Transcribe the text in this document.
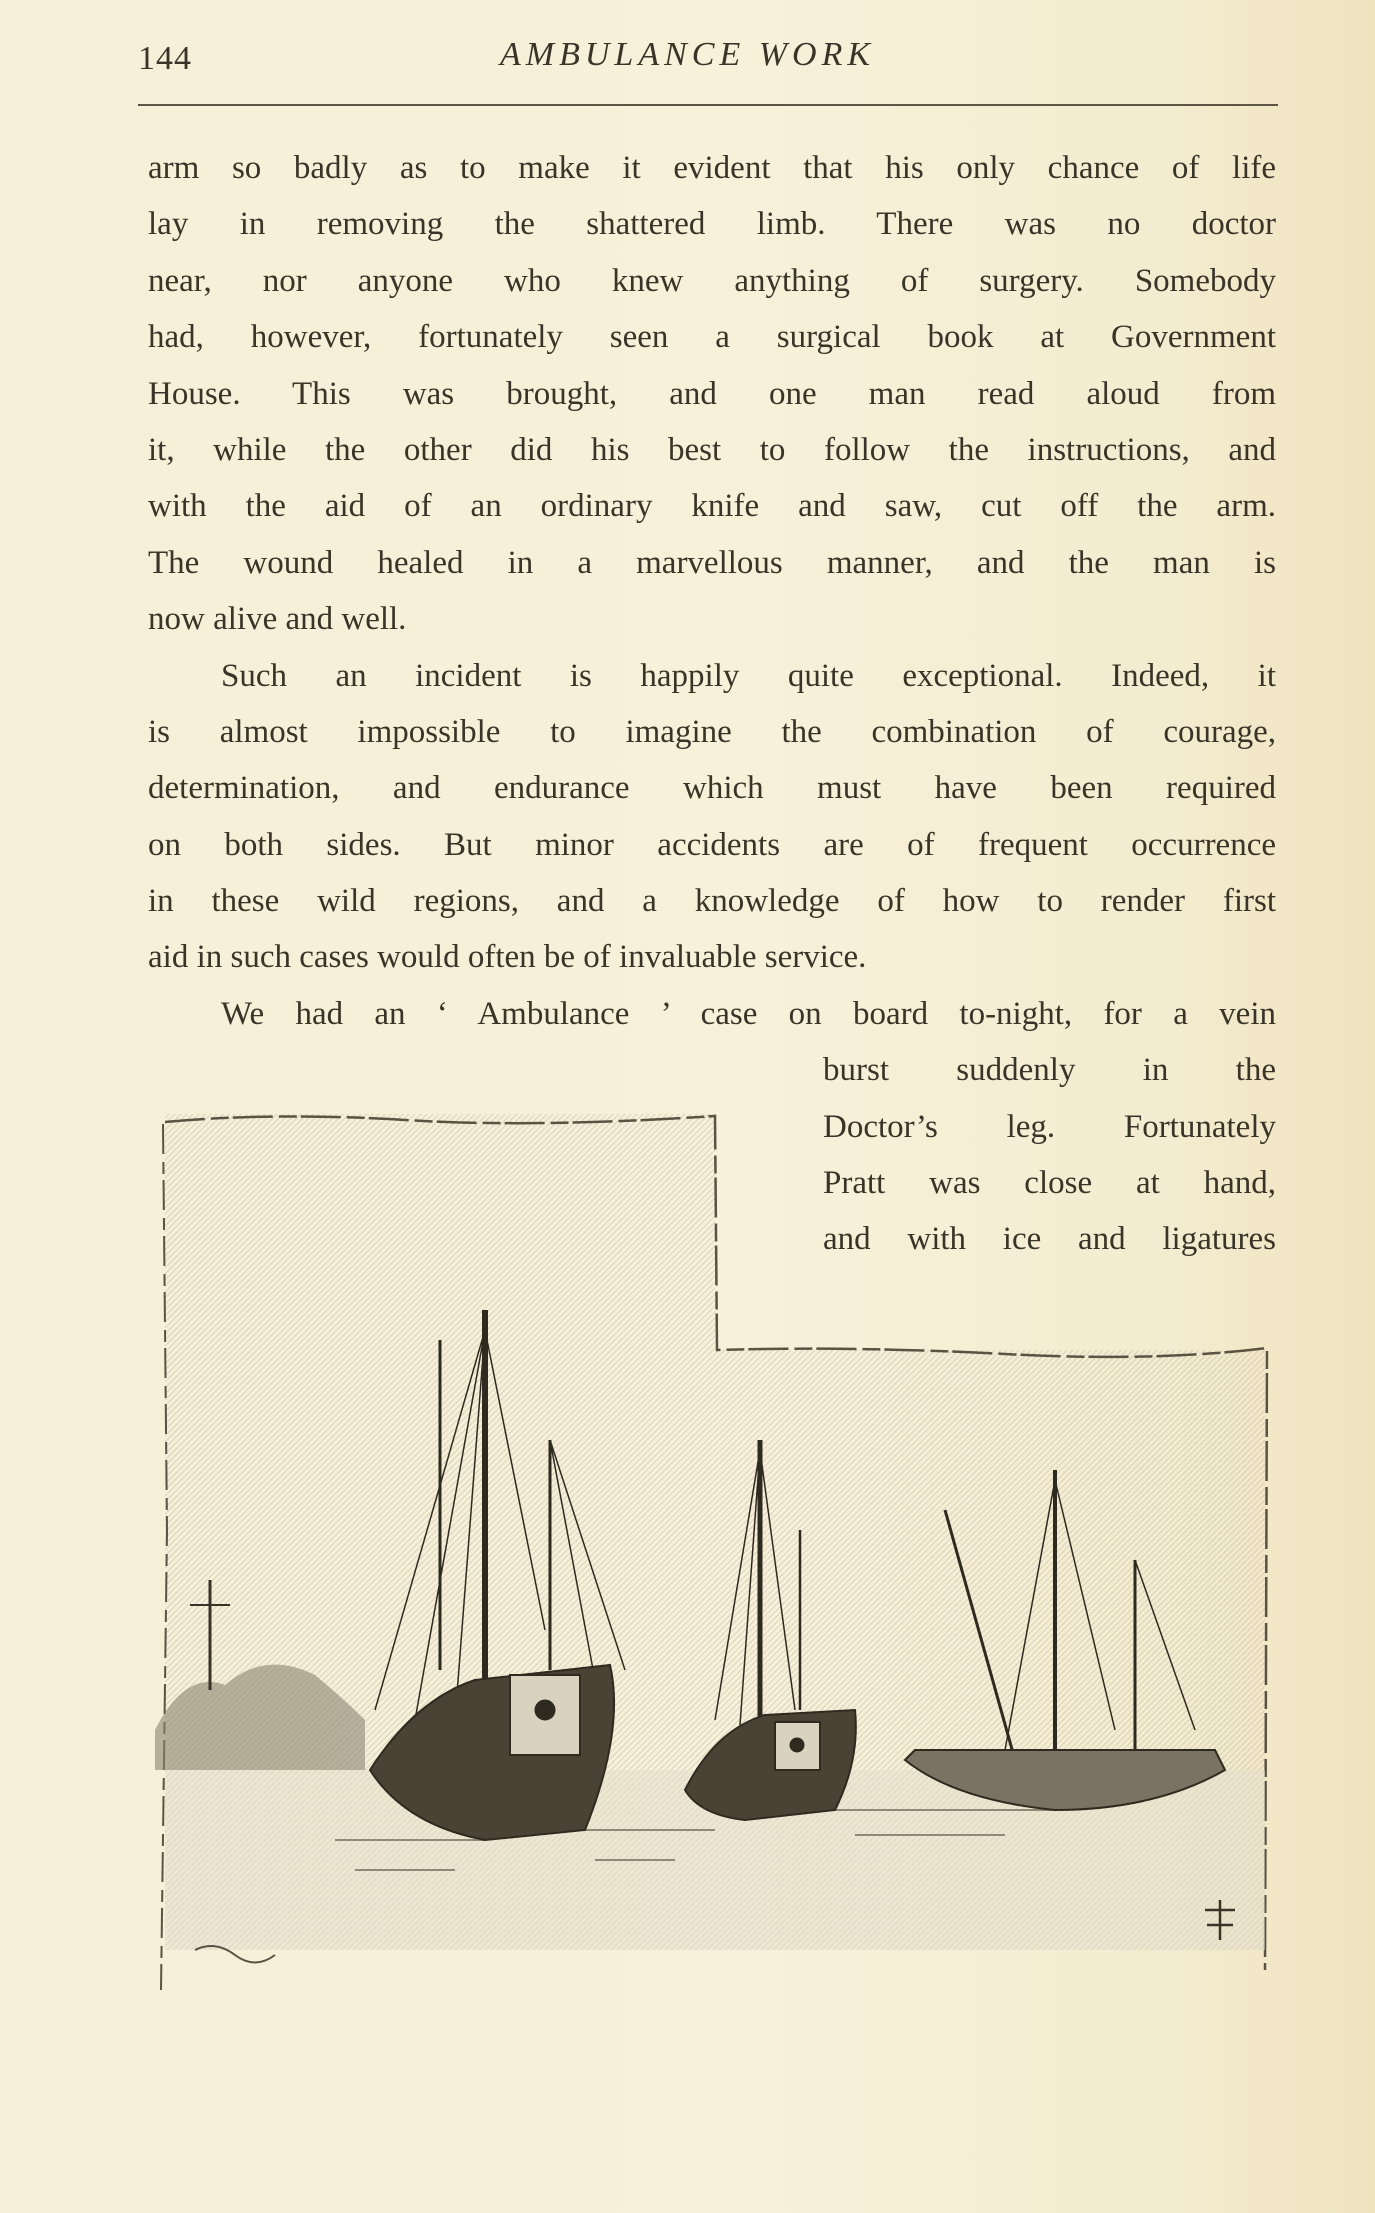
144	AMBULANCE WORK
arm so badly as to make it evident that his only chance of life
lay in removing the shattered limb. There was no doctor
near, nor anyone who knew anything of surgery. Somebody
had, however, fortunately seen a surgical book at Government
House. This was brought, and one man read aloud from
it, while the other did his best to follow the instructions, and
with the aid of an ordinary knife and saw, cut off the arm.
The wound healed in a marvellous manner, and the man is
now alive and well.
Such an incident is happily quite exceptional. Indeed, it
is almost impossible to imagine the combination of courage,
determination, and endurance which must have been required
on both sides. But minor accidents are of frequent occurrence
in these wild regions, and a knowledge of how to render first
aid in such cases would often be of invaluable service.
We had an ‘ Ambulance ’ case on board to-night, for a vein
burst suddenly in the
Doctor’s leg. Fortunately
Pratt was close at hand,
and with ice and ligatures
